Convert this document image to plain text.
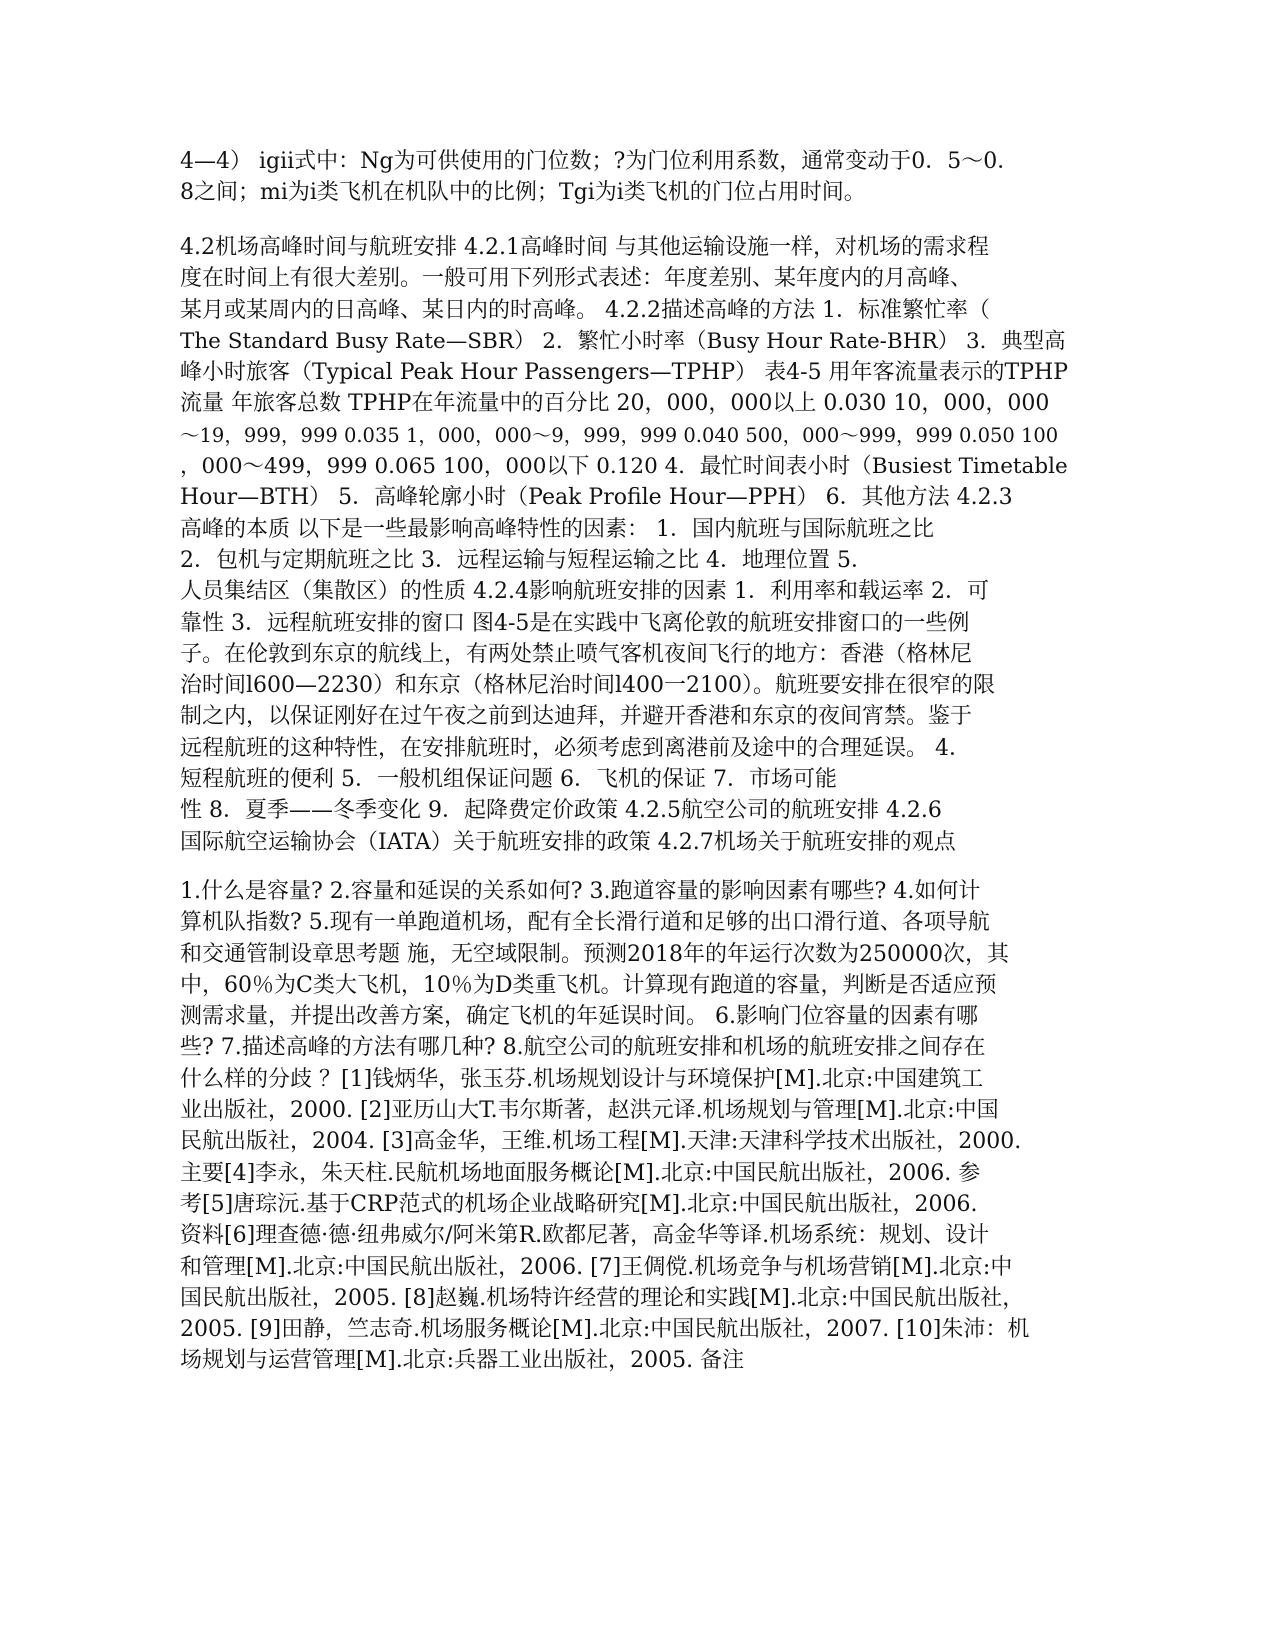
4—4） igii式中：Ng为可供使用的门位数；?为门位利用系数，通常变动于0．5～0．
8之间；mi为i类飞机在机队中的比例；Tgi为i类飞机的门位占用时间。
4.2机场高峰时间与航班安排 4.2.1高峰时间 与其他运输设施一样，对机场的需求程
度在时间上有很大差别。一般可用下列形式表述：年度差别、某年度内的月高峰、
某月或某周内的日高峰、某日内的时高峰。 4.2.2描述高峰的方法 1．标准繁忙率（
The Standard Busy Rate—SBR） 2．繁忙小时率（Busy Hour Rate-BHR） 3．典型高
峰小时旅客（Typical Peak Hour Passengers—TPHP） 表4-5 用年客流量表示的TPHP
流量 年旅客总数 TPHP在年流量中的百分比 20，000，000以上 0.030 10，000，000
～19，999，999 0.035 1，000，000～9，999，999 0.040 500，000～999，999 0.050 100
，000～499，999 0.065 100，000以下 0.120 4．最忙时间表小时（Busiest Timetable
Hour—BTH） 5．高峰轮廓小时（Peak Profile Hour—PPH） 6．其他方法 4.2.3
高峰的本质 以下是一些最影响高峰特性的因素： 1．国内航班与国际航班之比
2．包机与定期航班之比 3．远程运输与短程运输之比 4．地理位置 5．
人员集结区（集散区）的性质 4.2.4影响航班安排的因素 1．利用率和载运率 2．可
靠性 3．远程航班安排的窗口 图4-5是在实践中飞离伦敦的航班安排窗口的一些例
子。在伦敦到东京的航线上，有两处禁止喷气客机夜间飞行的地方：香港（格林尼
治时间l600—2230）和东京（格林尼治时间l400一2100）。航班要安排在很窄的限
制之内，以保证刚好在过午夜之前到达迪拜，并避开香港和东京的夜间宵禁。鉴于
远程航班的这种特性，在安排航班时，必须考虑到离港前及途中的合理延误。 4．
短程航班的便利 5．一般机组保证问题 6．飞机的保证 7．市场可能
性 8．夏季——冬季变化 9．起降费定价政策 4.2.5航空公司的航班安排 4.2.6
国际航空运输协会（IATA）关于航班安排的政策 4.2.7机场关于航班安排的观点
1.什么是容量? 2.容量和延误的关系如何? 3.跑道容量的影响因素有哪些? 4.如何计
算机队指数? 5.现有一单跑道机场，配有全长滑行道和足够的出口滑行道、各项导航
和交通管制设章思考题 施，无空域限制。预测2018年的年运行次数为250000次，其
中，60％为C类大飞机，10％为D类重飞机。计算现有跑道的容量，判断是否适应预
测需求量，并提出改善方案，确定飞机的年延误时间。 6.影响门位容量的因素有哪
些? 7.描述高峰的方法有哪几种? 8.航空公司的航班安排和机场的航班安排之间存在
什么样的分歧 ？[1]钱炳华，张玉芬.机场规划设计与环境保护[M].北京:中国建筑工
业出版社，2000. [2]亚历山大T.韦尔斯著，赵洪元译.机场规划与管理[M].北京:中国
民航出版社，2004. [3]高金华，王维.机场工程[M].天津:天津科学技术出版社，2000.
主要[4]李永，朱天柱.民航机场地面服务概论[M].北京:中国民航出版社，2006. 参
考[5]唐琮沅.基于CRP范式的机场企业战略研究[M].北京:中国民航出版社，2006.
资料[6]理查德·德·纽弗威尔/阿米第R.欧都尼著，高金华等译.机场系统：规划、设计
和管理[M].北京:中国民航出版社，2006. [7]王倜傥.机场竞争与机场营销[M].北京:中
国民航出版社，2005. [8]赵巍.机场特许经营的理论和实践[M].北京:中国民航出版社，
2005. [9]田静，竺志奇.机场服务概论[M].北京:中国民航出版社，2007. [10]朱沛：机
场规划与运营管理[M].北京:兵器工业出版社，2005. 备注
